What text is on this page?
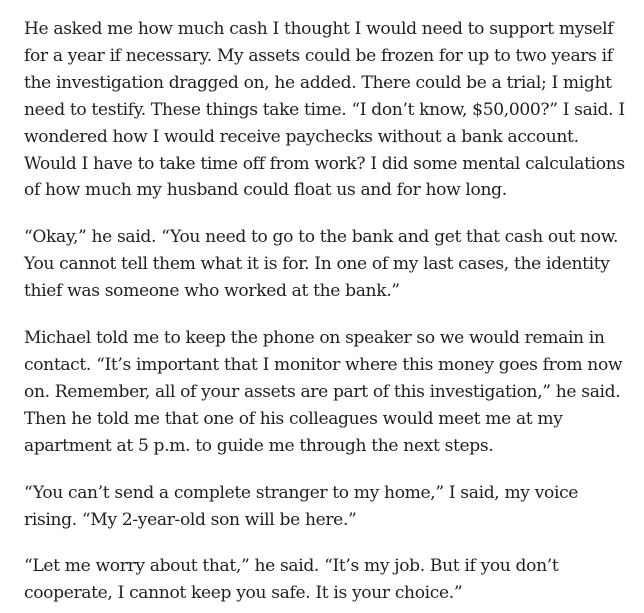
He asked me how much cash I thought I would need to support myself for a year if necessary. My assets could be frozen for up to two years if the investigation dragged on, he added. There could be a trial; I might need to testify. These things take time. “I don’t know, $50,000?” I said. I wondered how I would receive paychecks without a bank account. Would I have to take time off from work? I did some mental calculations of how much my husband could float us and for how long.

“Okay,” he said. “You need to go to the bank and get that cash out now. You cannot tell them what it is for. In one of my last cases, the identity thief was someone who worked at the bank.”

Michael told me to keep the phone on speaker so we would remain in contact. “It’s important that I monitor where this money goes from now on. Remember, all of your assets are part of this investigation,” he said. Then he told me that one of his colleagues would meet me at my apartment at 5 p.m. to guide me through the next steps.

“You can’t send a complete stranger to my home,” I said, my voice rising. “My 2-year-old son will be here.”

“Let me worry about that,” he said. “It’s my job. But if you don’t cooperate, I cannot keep you safe. It is your choice.”
